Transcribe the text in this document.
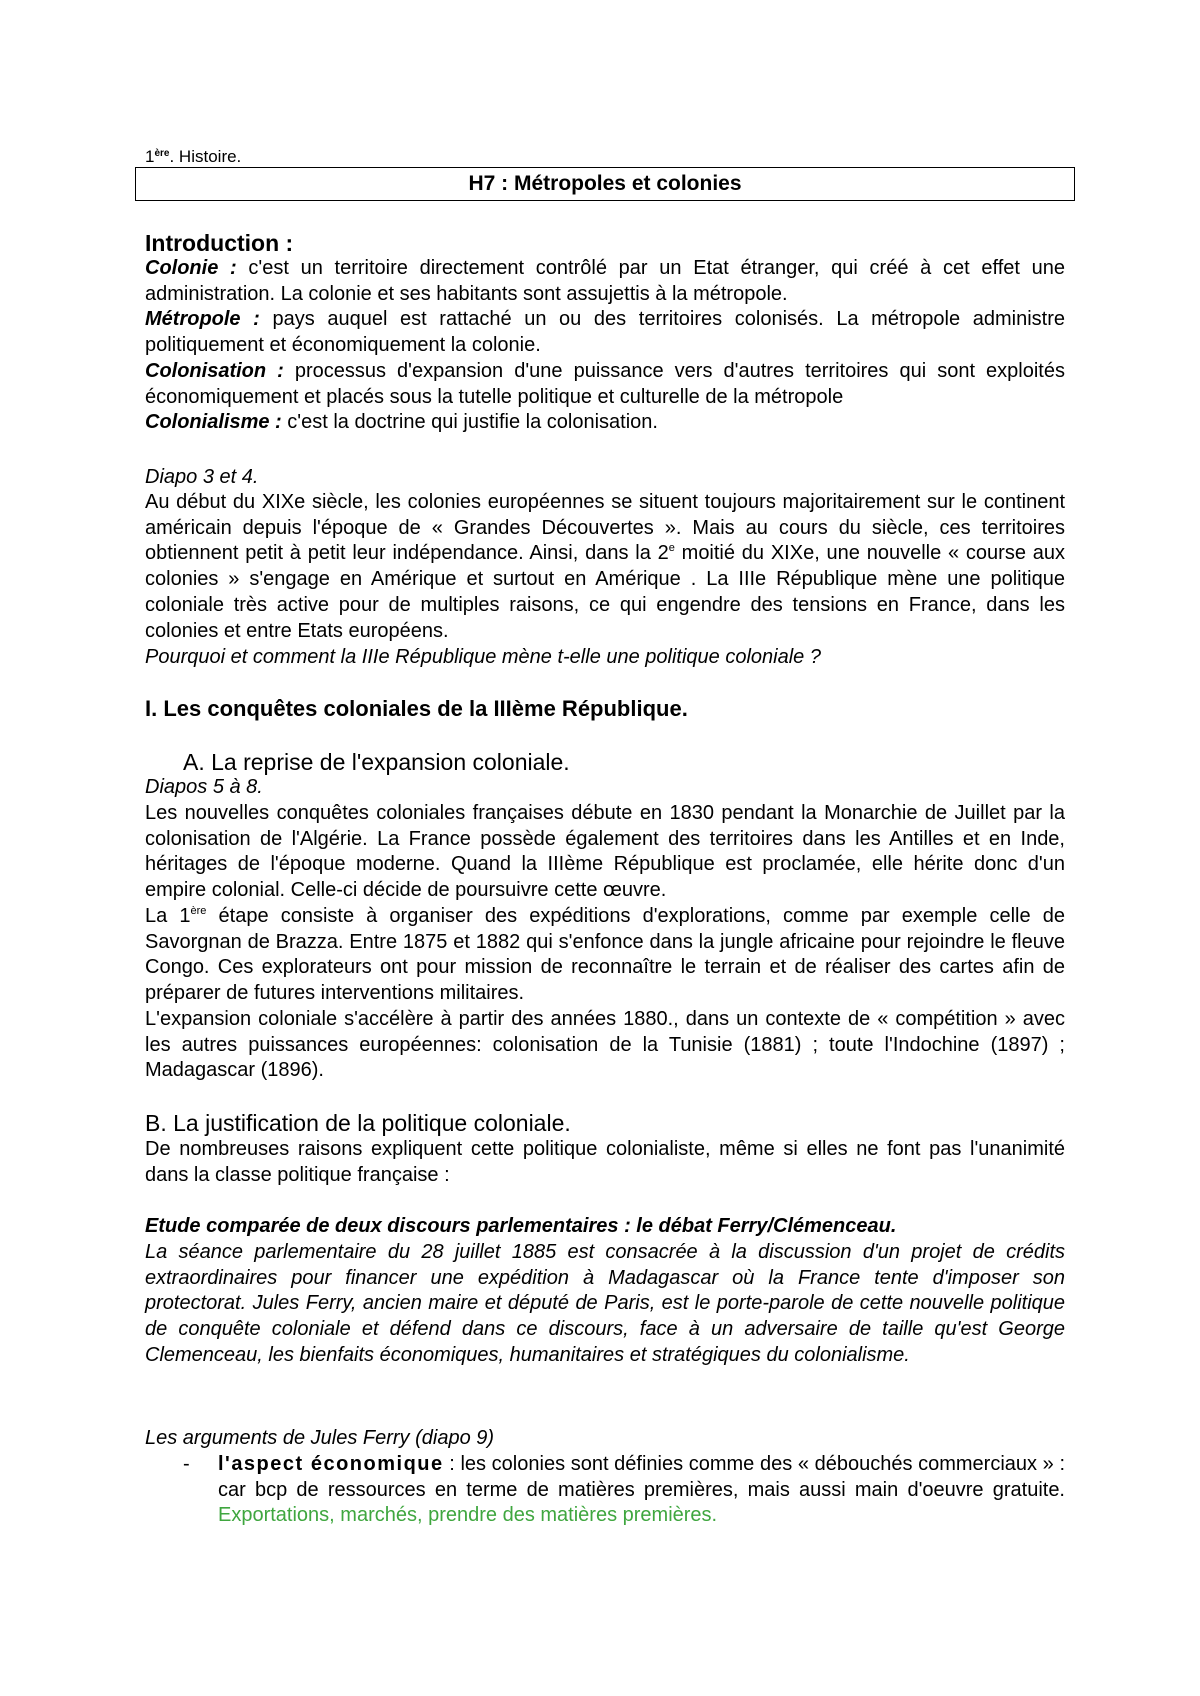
1ère. Histoire.
H7 : Métropoles et colonies
Introduction :
Colonie : c'est un territoire directement contrôlé par un Etat étranger, qui créé à cet effet une administration. La colonie et ses habitants sont assujettis à la métropole.
Métropole : pays auquel est rattaché un ou des territoires colonisés. La métropole administre politiquement et économiquement la colonie.
Colonisation : processus d'expansion d'une puissance vers d'autres territoires qui sont exploités économiquement et placés sous la tutelle politique et culturelle de la métropole
Colonialisme : c'est la doctrine qui justifie la colonisation.
Diapo 3 et 4.
Au début du XIXe siècle, les colonies européennes se situent toujours majoritairement sur le continent américain depuis l'époque de « Grandes Découvertes ». Mais au cours du siècle, ces territoires obtiennent petit à petit leur indépendance. Ainsi, dans la 2e moitié du XIXe, une nouvelle « course aux colonies » s'engage en Amérique et surtout en Amérique . La IIIe République mène une politique coloniale très active pour de multiples raisons, ce qui engendre des tensions en France, dans les colonies et entre Etats européens.
Pourquoi et comment la IIIe République mène t-elle une politique coloniale ?
I. Les conquêtes coloniales de la IIIème République.
A. La reprise de l'expansion coloniale.
Diapos 5 à 8.
Les nouvelles conquêtes coloniales françaises débute en 1830 pendant la Monarchie de Juillet par la colonisation de l'Algérie. La France possède également des territoires dans les Antilles et en Inde, héritages de l'époque moderne. Quand la IIIème République est proclamée, elle hérite donc d'un empire colonial. Celle-ci décide de poursuivre cette œuvre.
La 1ère étape consiste à organiser des expéditions d'explorations, comme par exemple celle de Savorgnan de Brazza. Entre 1875 et 1882 qui s'enfonce dans la jungle africaine pour rejoindre le fleuve Congo. Ces explorateurs ont pour mission de reconnaître le terrain et de réaliser des cartes afin de préparer de futures interventions militaires.
L'expansion coloniale s'accélère à partir des années 1880., dans un contexte de « compétition » avec les autres puissances européennes: colonisation de la Tunisie (1881) ; toute l'Indochine (1897) ; Madagascar (1896).
B. La justification de la politique coloniale.
De nombreuses raisons expliquent cette politique colonialiste, même si elles ne font pas l'unanimité dans la classe politique française :
Etude comparée de deux discours parlementaires : le débat Ferry/Clémenceau.
La séance parlementaire du 28 juillet 1885 est consacrée à la discussion d'un projet de crédits extraordinaires pour financer une expédition à Madagascar où la France tente d'imposer son protectorat. Jules Ferry, ancien maire et député de Paris, est le porte-parole de cette nouvelle politique de conquête coloniale et défend dans ce discours, face à un adversaire de taille qu'est George Clemenceau, les bienfaits économiques, humanitaires et stratégiques du colonialisme.
Les arguments de Jules Ferry (diapo 9)
- l'aspect économique : les colonies sont définies comme des « débouchés commerciaux » : car bcp de ressources en terme de matières premières, mais aussi main d'oeuvre gratuite. Exportations, marchés, prendre des matières premières.
